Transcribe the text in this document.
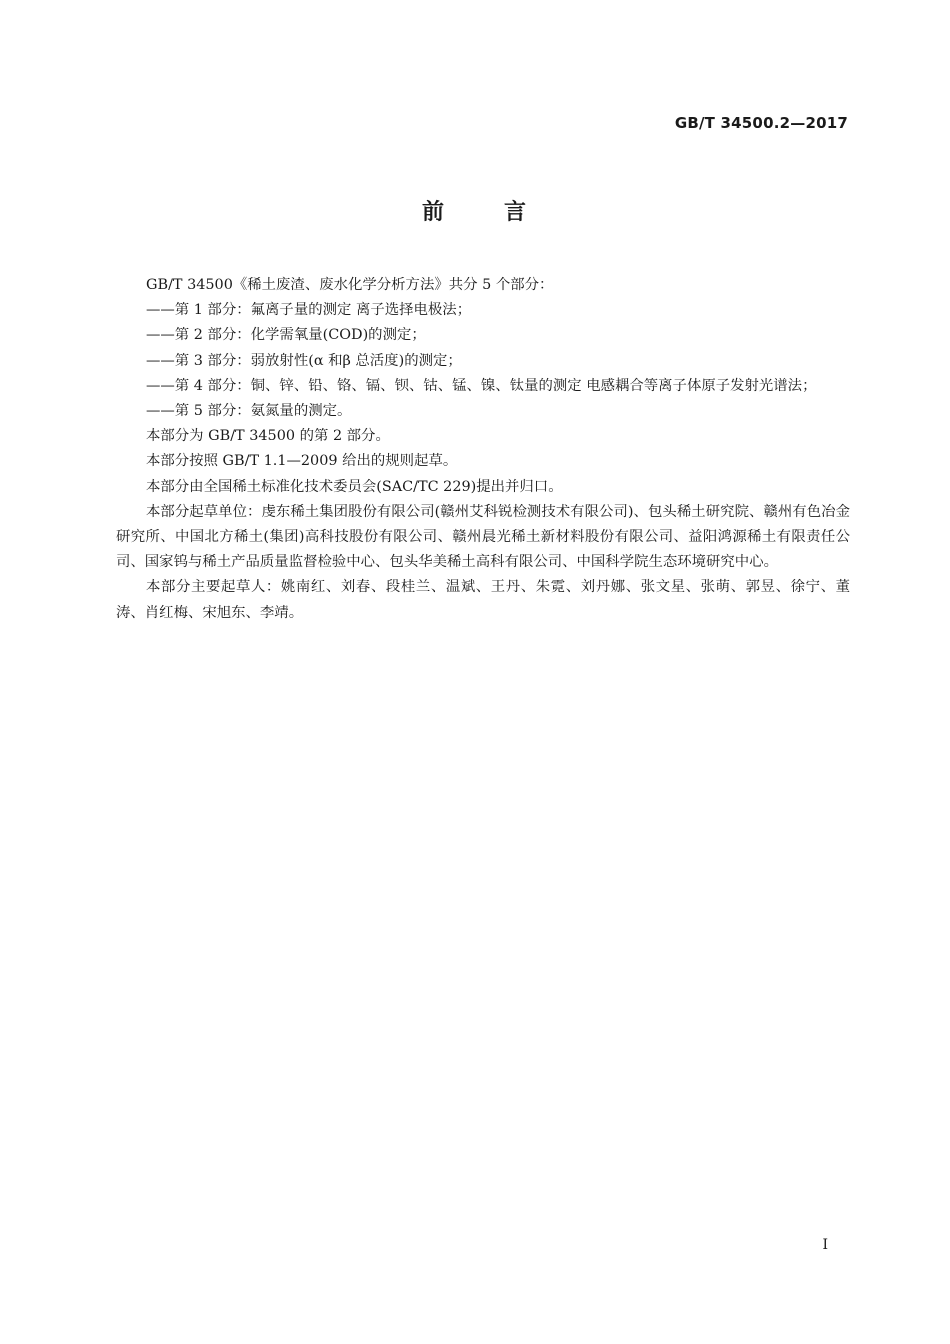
GB/T 34500.2—2017
前	言

GB/T 34500《稀土废渣、废水化学分析方法》共分 5 个部分：

——第 1 部分：氟离子量的测定 离子选择电极法；

——第 2 部分：化学需氧量(COD)的测定；

——第 3 部分：弱放射性(α 和β 总活度)的测定；

——第 4 部分：铜、锌、铅、铬、镉、钡、钴、锰、镍、钛量的测定 电感耦合等离子体原子发射光谱法；

——第 5 部分：氨氮量的测定。

本部分为 GB/T 34500 的第 2 部分。

本部分按照 GB/T 1.1—2009 给出的规则起草。

本部分由全国稀土标准化技术委员会(SAC/TC 229)提出并归口。

本部分起草单位：虔东稀土集团股份有限公司(赣州艾科锐检测技术有限公司)、包头稀土研究院、赣州有色冶金研究所、中国北方稀土(集团)高科技股份有限公司、赣州晨光稀土新材料股份有限公司、益阳鸿源稀土有限责任公司、国家钨与稀土产品质量监督检验中心、包头华美稀土高科有限公司、中国科学院生态环境研究中心。

本部分主要起草人：姚南红、刘春、段桂兰、温斌、王丹、朱霓、刘丹娜、张文星、张萌、郭昱、徐宁、董涛、肖红梅、宋旭东、李靖。

I
